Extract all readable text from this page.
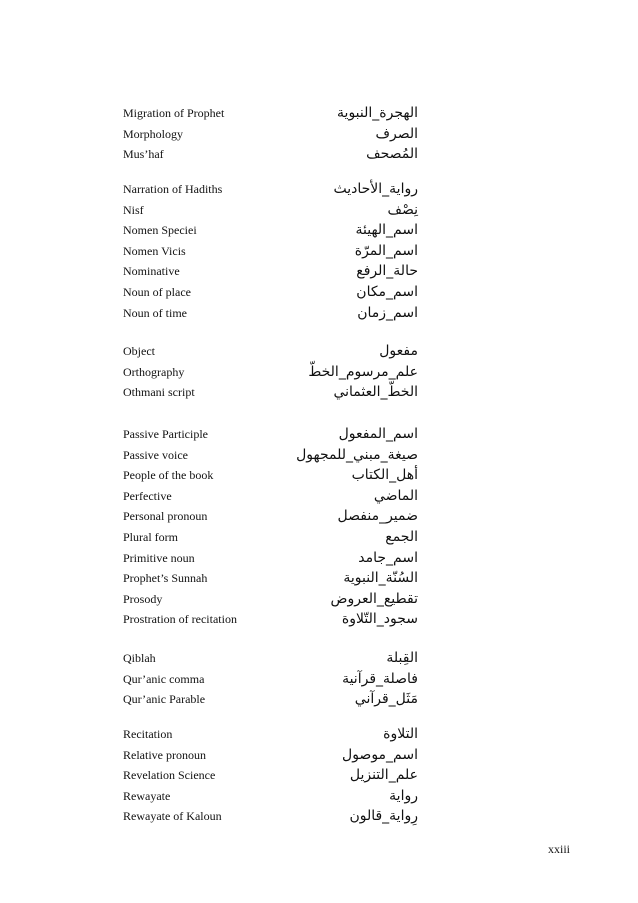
Migration of Prophet	الهجرة_النبوية
Morphology	الصرف
Mus’haf	المُصحف
Narration of Hadiths	رواية_الأحاديث
Nisf	نِصْف
Nomen Speciei	اسم_الهيئة
Nomen Vicis	اسم_المرّة
Nominative	حالة_الرفع
Noun of place	اسم_مكان
Noun of time	اسم_زمان
Object	مفعول
Orthography	علم_مرسوم_الخطّ
Othmani script	الخطّ_العثماني
Passive Participle	اسم_المفعول
Passive voice	صيغة_مبني_للمجهول
People of the book	أهل_الكتاب
Perfective	الماضي
Personal pronoun	ضمير_منفصل
Plural form	الجمع
Primitive noun	اسم_جامد
Prophet’s Sunnah	السُنّة_النبوية
Prosody	تقطيع_العروض
Prostration of recitation	سجود_التّلاوة
Qiblah	القِبلة
Qur’anic comma	فاصلة_قرآنية
Qur’anic Parable	مَثَل_قرآني
Recitation	التلاوة
Relative pronoun	اسم_موصول
Revelation Science	علم_التنزيل
Rewayate	رواية
Rewayate of Kaloun	رِواية_قالون
xxiii
